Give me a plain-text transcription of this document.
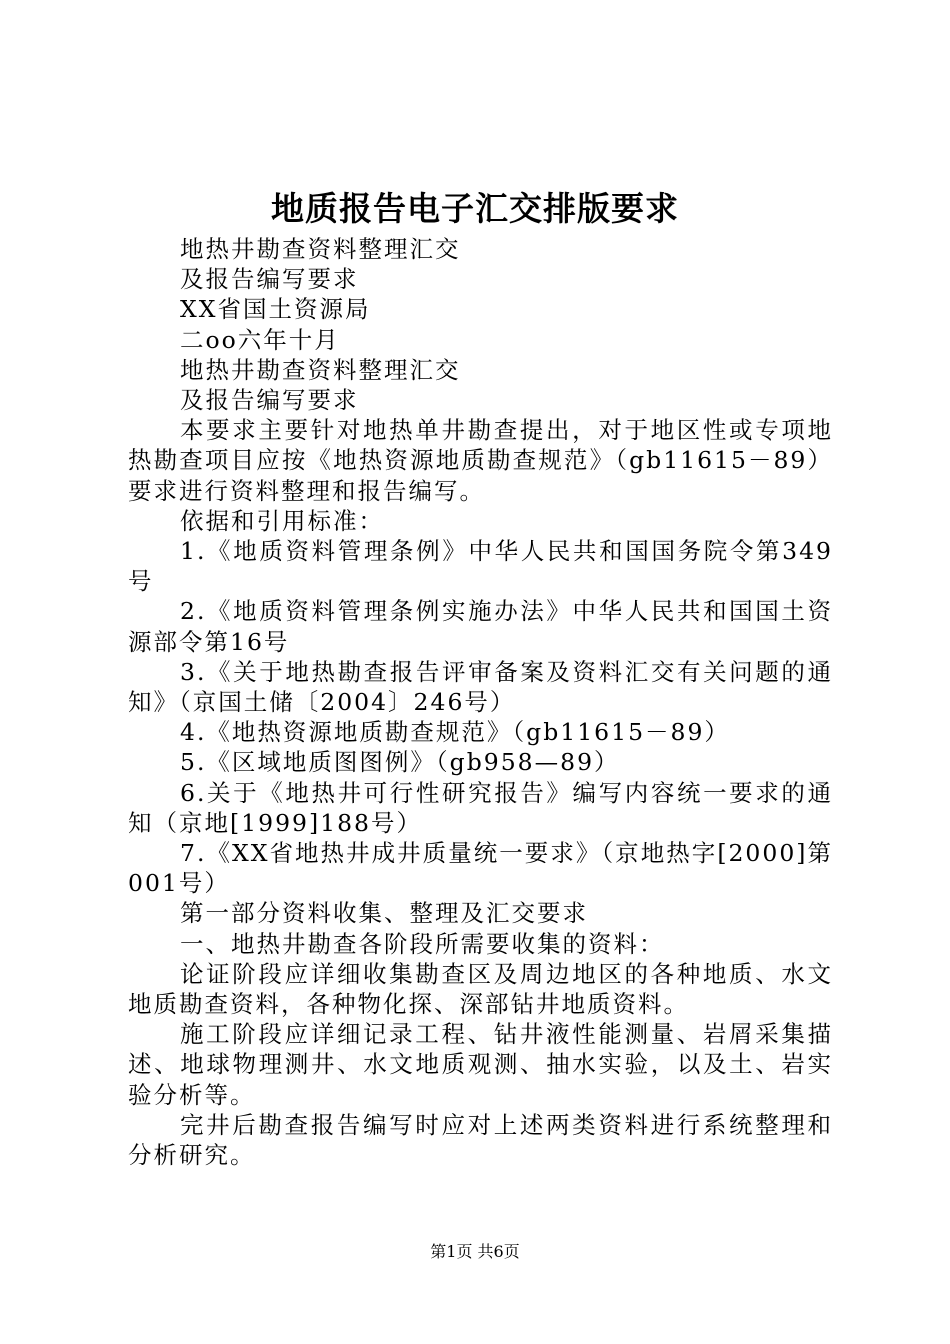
地质报告电子汇交排版要求

地热井勘查资料整理汇交

及报告编写要求

XX省国土资源局

二oo六年十月

地热井勘查资料整理汇交

及报告编写要求

本要求主要针对地热单井勘查提出，对于地区性或专项地热勘查项目应按《地热资源地质勘查规范》（gb11615－89）要求进行资料整理和报告编写。

依据和引用标准：

1.《地质资料管理条例》中华人民共和国国务院令第349号

2.《地质资料管理条例实施办法》中华人民共和国国土资源部令第16号

3.《关于地热勘查报告评审备案及资料汇交有关问题的通知》（京国土储〔2004〕246号）

4.《地热资源地质勘查规范》（gb11615－89）

5.《区域地质图图例》（gb958—89）

6.关于《地热井可行性研究报告》编写内容统一要求的通知（京地[1999]188号）

7.《XX省地热井成井质量统一要求》（京地热字[2000]第001号）

第一部分资料收集、整理及汇交要求

一、地热井勘查各阶段所需要收集的资料：

论证阶段应详细收集勘查区及周边地区的各种地质、水文地质勘查资料，各种物化探、深部钻井地质资料。

施工阶段应详细记录工程、钻井液性能测量、岩屑采集描述、地球物理测井、水文地质观测、抽水实验，以及土、岩实验分析等。

完井后勘查报告编写时应对上述两类资料进行系统整理和分析研究。

第1页 共6页
